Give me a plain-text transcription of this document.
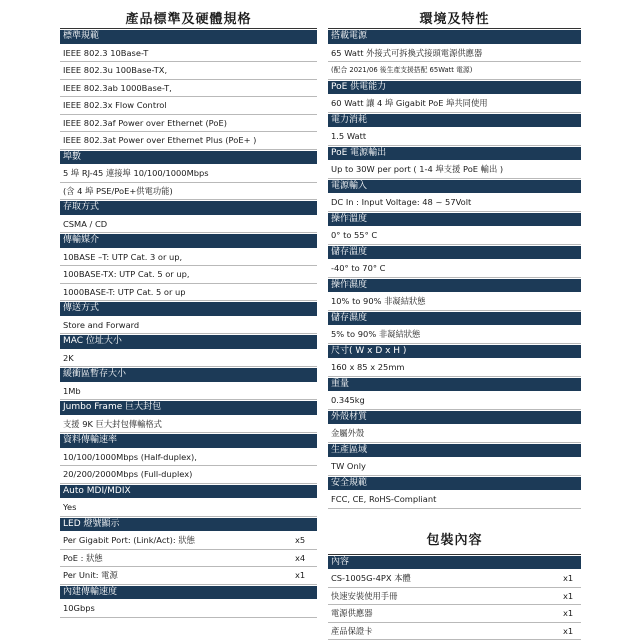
產品標準及硬體規格
標準規範
IEEE 802.3 10Base-T
IEEE 802.3u 100Base-TX,
IEEE 802.3ab 1000Base-T,
IEEE 802.3x Flow Control
IEEE 802.3af Power over Ethernet (PoE)
IEEE 802.3at Power over Ethernet Plus (PoE+ )
埠數
5 埠 RJ-45 連接埠 10/100/1000Mbps
(含 4 埠 PSE/PoE+供電功能)
存取方式
CSMA / CD
傳輸媒介
10BASE –T: UTP Cat. 3 or up,
100BASE-TX: UTP Cat. 5 or up,
1000BASE-T: UTP Cat. 5 or up
傳送方式
Store and Forward
MAC 位址大小
2K
緩衝區暫存大小
1Mb
Jumbo Frame 巨大封包
支援 9K 巨大封包傳輸格式
資料傳輸速率
10/100/1000Mbps (Half-duplex),
20/200/2000Mbps (Full-duplex)
Auto MDI/MDIX
Yes
LED 燈號顯示
Per Gigabit Port: (Link/Act): 狀態	x5
PoE : 狀態	x4
Per Unit: 電源	x1
內建傳輸速度
10Gbps
環境及特性
搭載電源
65 Watt 外接式可拆換式接頭電源供應器
(配合 2021/06 後生產支援搭配 65Watt 電源)
PoE 供電能力
60 Watt 讓 4 埠 Gigabit PoE 埠共同使用
電力消耗
1.5 Watt
PoE 電源輸出
Up to 30W per port ( 1-4 埠支援 PoE 輸出 )
電源輸入
DC In : Input Voltage: 48 ~ 57Volt
操作溫度
0° to 55° C
儲存溫度
-40° to 70° C
操作濕度
10% to 90% 非凝結狀態
儲存濕度
5% to 90% 非凝結狀態
尺寸( W x D x H )
160 x 85 x 25mm
重量
0.345kg
外殼材質
金屬外殼
生產區域
TW Only
安全規範
FCC, CE, RoHS-Compliant
包裝內容
內容
CS-1005G-4PX 本體	x1
快速安裝使用手冊	x1
電源供應器	x1
產品保證卡	x1
